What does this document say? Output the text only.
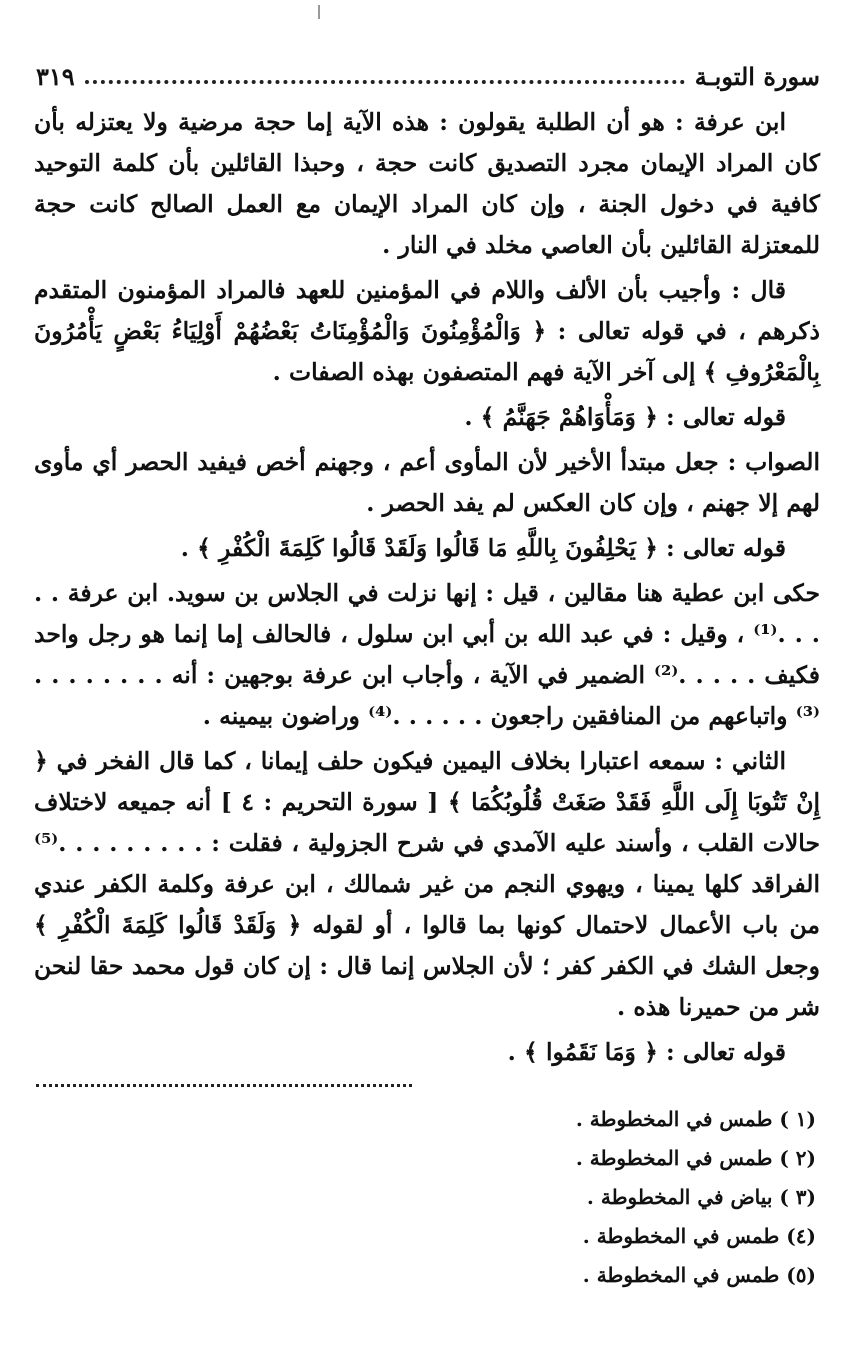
سورة التوبـة
٣١٩

ابن عرفة : هو أن الطلبة يقولون : هذه الآية إما حجة مرضية ولا يعتزله بأن كان المراد الإيمان مجرد التصديق كانت حجة ، وحبذا القائلين بأن كلمة التوحيد كافية في دخول الجنة ، وإن كان المراد الإيمان مع العمل الصالح كانت حجة للمعتزلة القائلين بأن العاصي مخلد في النار .

قال : وأجيب بأن الألف واللام في المؤمنين للعهد فالمراد المؤمنون المتقدم ذكرهم ، في قوله تعالى : ﴿ وَالْمُؤْمِنُونَ وَالْمُؤْمِنَاتُ بَعْضُهُمْ أَوْلِيَاءُ بَعْضٍ يَأْمُرُونَ بِالْمَعْرُوفِ ﴾ إلى آخر الآية فهم المتصفون بهذه الصفات .

قوله تعالى : ﴿ وَمَأْوَاهُمْ جَهَنَّمُ ﴾ .

الصواب : جعل مبتدأ الأخير لأن المأوى أعم ، وجهنم أخص فيفيد الحصر أي مأوى لهم إلا جهنم ، وإن كان العكس لم يفد الحصر .

قوله تعالى : ﴿ يَحْلِفُونَ بِاللَّهِ مَا قَالُوا وَلَقَدْ قَالُوا كَلِمَةَ الْكُفْرِ ﴾ .

حكى ابن عطية هنا مقالين ، قيل : إنها نزلت في الجلاس بن سويد. ابن عرفة . . . . .⁽¹⁾ ، وقيل : في عبد الله بن أبي ابن سلول ، فالحالف إما إنما هو رجل واحد فكيف . . . . .⁽²⁾ الضمير في الآية ، وأجاب ابن عرفة بوجهين : أنه . . . . . . . .⁽³⁾ واتباعهم من المنافقين راجعون . . . . . .⁽⁴⁾ وراضون بيمينه .

الثاني : سمعه اعتبارا بخلاف اليمين فيكون حلف إيمانا ، كما قال الفخر في ﴿ إِنْ تَتُوبَا إِلَى اللَّهِ فَقَدْ صَغَتْ قُلُوبُكُمَا ﴾ [ سورة التحريم : ٤ ] أنه جميعه لاختلاف حالات القلب ، وأسند عليه الآمدي في شرح الجزولية ، فقلت : . . . . . . . . .⁽⁵⁾ الفراقد كلها يمينا ، ويهوي النجم من غير شمالك ، ابن عرفة وكلمة الكفر عندي من باب الأعمال لاحتمال كونها بما قالوا ، أو لقوله ﴿ وَلَقَدْ قَالُوا كَلِمَةَ الْكُفْرِ ﴾ وجعل الشك في الكفر كفر ؛ لأن الجلاس إنما قال : إن كان قول محمد حقا لنحن شر من حميرنا هذه .

قوله تعالى : ﴿ وَمَا نَقَمُوا ﴾ .

(١ ) طمس في المخطوطة .
(٢ ) طمس في المخطوطة .
(٣ ) بياض في المخطوطة .
(٤) طمس في المخطوطة .
(٥) طمس في المخطوطة .
